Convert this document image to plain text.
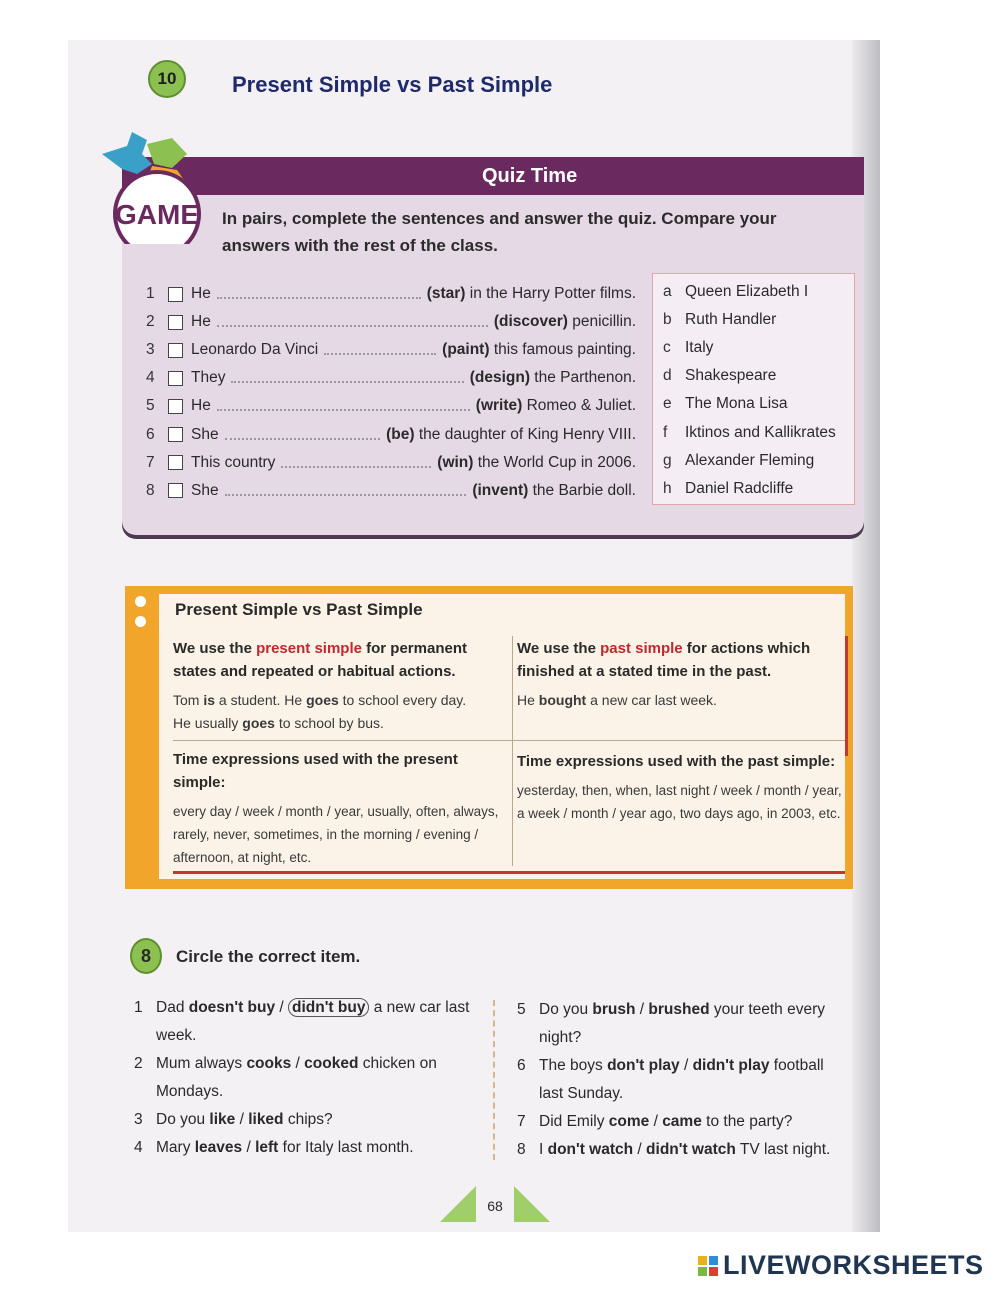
10	Present Simple vs Past Simple
Quiz Time
In pairs, complete the sentences and answer the quiz. Compare your answers with the rest of the class.
GAME
1	He	(star) in the Harry Potter films.
2	He	(discover) penicillin.
3	Leonardo Da Vinci	(paint) this famous painting.
4	They	(design) the Parthenon.
5	He	(write) Romeo & Juliet.
6	She	(be) the daughter of King Henry VIII.
7	This country	(win) the World Cup in 2006.
8	She	(invent) the Barbie doll.
a Queen Elizabeth I
b Ruth Handler
c Italy
d Shakespeare
e The Mona Lisa
f	Iktinos and Kallikrates
g Alexander Fleming
h Daniel Radcliffe
Present Simple vs Past Simple
We use the present simple for permanent states and repeated or habitual actions.
Tom is a student. He goes to school every day.
He usually goes to school by bus.
We use the past simple for actions which finished at a stated time in the past.
He bought a new car last week.
Time expressions used with the present simple:
every day / week / month / year, usually, often, always, rarely, never, sometimes, in the morning / evening / afternoon, at night, etc.
Time expressions used with the past simple:
yesterday, then, when, last night / week / month / year, a week / month / year ago, two days ago, in 2003, etc.
8	Circle the correct item.
1 Dad doesn't buy / didn't buy a new car last week.
2 Mum always cooks / cooked chicken on Mondays.
3 Do you like / liked chips?
4 Mary leaves / left for Italy last month.
5 Do you brush / brushed your teeth every night?
6 The boys don't play / didn't play football last Sunday.
7 Did Emily come / came to the party?
8 I don't watch / didn't watch TV last night.
68
LIVEWORKSHEETS
